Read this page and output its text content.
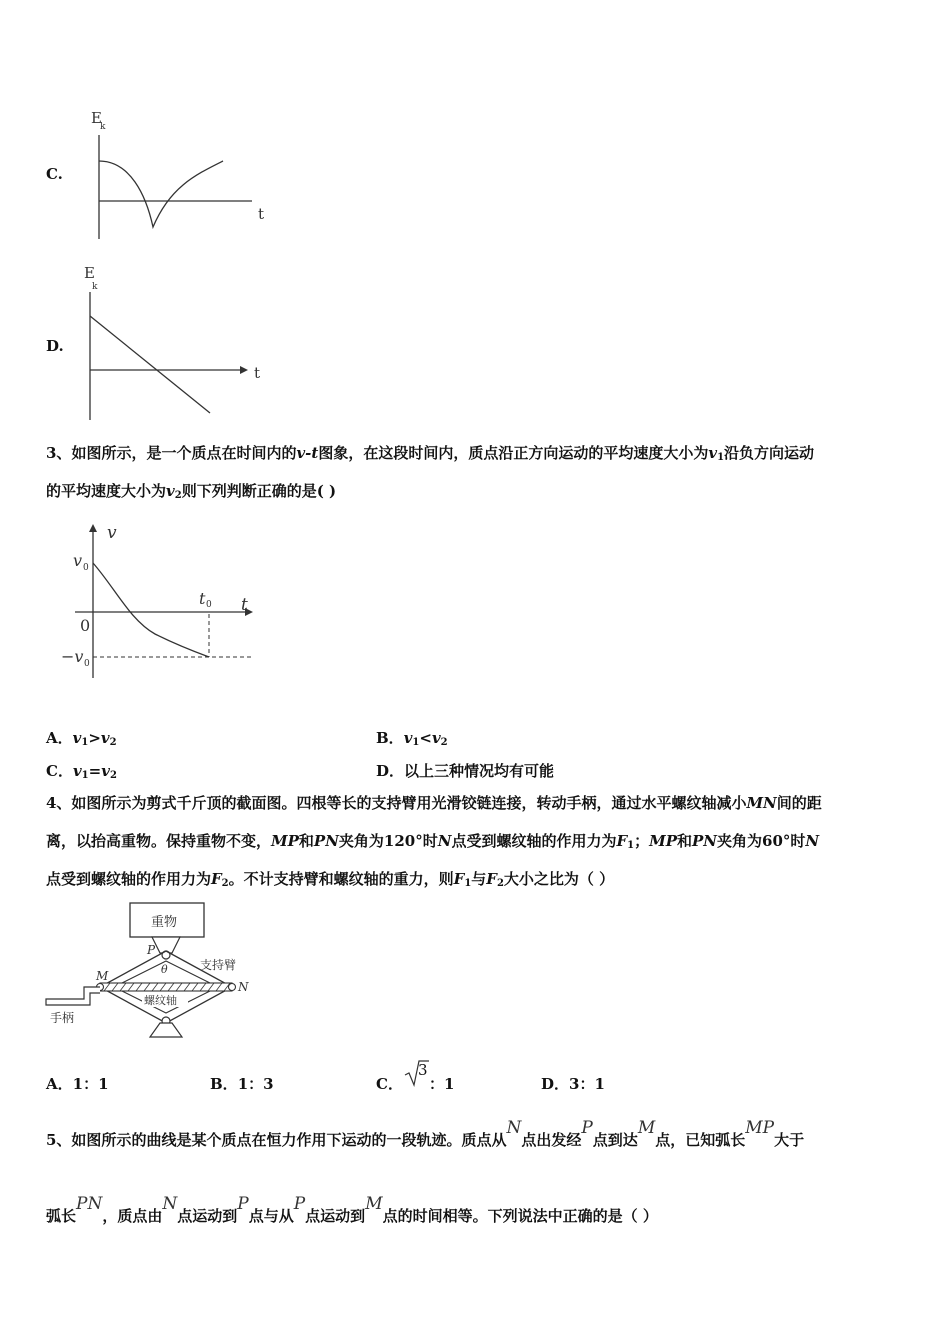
C.
E
k
t
D.
E
k
t
3、如图所示，是一个质点在时间内的v-t图象，在这段时间内，质点沿正方向运动的平均速度大小为$v_1$沿负方向运动
的平均速度大小为$v_2$则下列判断正确的是( )
v
t
v 0
−v 0
t 0
0
A．$v_1>v_2$	B．$v_1<v_2$
C．$v_1=v_2$	D．以上三种情况均有可能
4、如图所示为剪式千斤顶的截面图。四根等长的支持臂用光滑铰链连接，转动手柄，通过水平螺纹轴减小MN间的距
离，以抬高重物。保持重物不变，MP和PN夹角为120°时N点受到螺纹轴的作用力为$F_1$；MP和PN夹角为60°时N
点受到螺纹轴的作用力为$F_2$。不计支持臂和螺纹轴的重力，则$F_1$与$F_2$大小之比为（ ）
重物
P
θ	支持臂
螺纹轴
M
N
手柄
A．1：1	B．1：3	C．
3
：1	D．3：1
5、如图所示的曲线是某个质点在恒力作用下运动的一段轨迹。质点从N点出发经P点到达M点，已知弧长MP大于
弧长PN，质点由N点运动到P点与从P点运动到M点的时间相等。下列说法中正确的是（ ）
